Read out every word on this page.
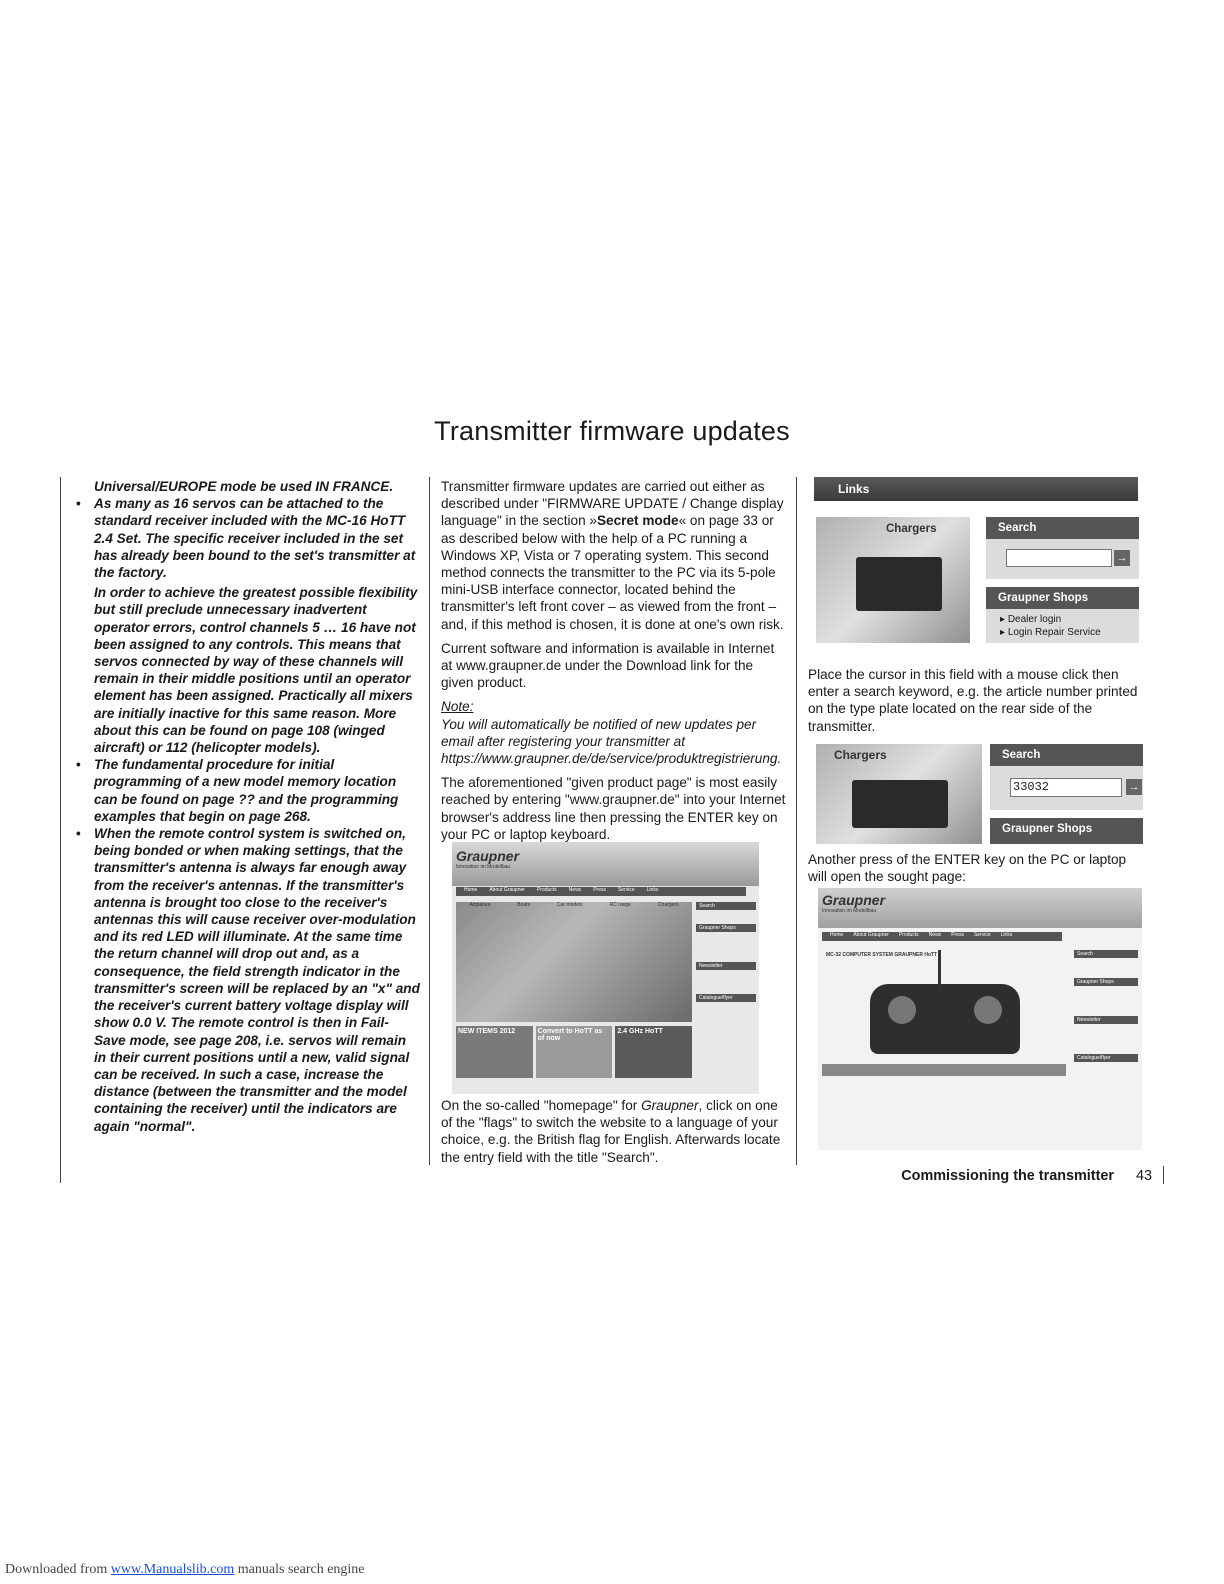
Transmitter firmware updates

Universal/EUROPE mode be used IN FRANCE.

• As many as 16 servos can be attached to the standard receiver included with the MC-16 HoTT 2.4 Set. The specific receiver included in the set has already been bound to the set's transmitter at the factory.
In order to achieve the greatest possible flexibility but still preclude unnecessary inadvertent operator errors, control channels 5 … 16 have not been assigned to any controls. This means that servos connected by way of these channels will remain in their middle positions until an operator element has been assigned. Practically all mixers are initially inactive for this same reason. More about this can be found on page 108 (winged aircraft) or 112 (helicopter models).
• The fundamental procedure for initial programming of a new model memory location can be found on page ?? and the programming examples that begin on page 268.
• When the remote control system is switched on, being bonded or when making settings, that the transmitter's antenna is always far enough away from the receiver's antennas. If the transmitter's antenna is brought too close to the receiver's antennas this will cause receiver over-modulation and its red LED will illuminate. At the same time the return channel will drop out and, as a consequence, the field strength indicator in the transmitter's screen will be replaced by an "x" and the receiver's current battery voltage display will show 0.0 V. The remote control is then in Fail-Save mode, see page 208, i.e. servos will remain in their current positions until a new, valid signal can be received. In such a case, increase the distance (between the transmitter and the model containing the receiver) until the indicators are again "normal".

Transmitter firmware updates are carried out either as described under "FIRMWARE UPDATE / Change display language" in the section »Secret mode« on page 33 or as described below with the help of a PC running a Windows XP, Vista or 7 operating system. This second method connects the transmitter to the PC via its 5-pole mini-USB interface connector, located behind the transmitter's left front cover – as viewed from the front – and, if this method is chosen, it is done at one's own risk.

Current software and information is available in Internet at www.graupner.de under the Download link for the given product.

Note:

You will automatically be notified of new updates per email after registering your transmitter at https://www.graupner.de/de/service/produktregistrierung.

The aforementioned "given product page" is most easily reached by entering "www.graupner.de" into your Internet browser's address line then pressing the ENTER key on your PC or laptop keyboard.

Graupner
Innovation im Modellbau
Home About Graupner Products News Press Service Links
Airplanes	Boats	Car models	RC range	Chargers
NEW ITEMS 2012	Convert to HoTT as of now
2.4 GHz HoTT
Search
Graupner Shops
Newsletter
Catalogue/flyer

On the so-called "homepage" for Graupner, click on one of the "flags" to switch the website to a language of your choice, e.g. the British flag for English. Afterwards locate the entry field with the title "Search".

Links
Chargers	Search
→
Graupner Shops
▸ Dealer login
▸ Login Repair Service

Place the cursor in this field with a mouse click then enter a search keyword, e.g. the article number printed on the type plate located on the rear side of the transmitter.

Chargers	Search
33032	→
Graupner Shops

Another press of the ENTER key on the PC or laptop will open the sought page:

Graupner
Innovation im Modellbau
Home About Graupner Products News Press Service Links
MC-32 COMPUTER SYSTEM GRAUPNER HoTT	Search
Graupner Shops
Newsletter
Catalogue/flyer
Commissioning the transmitter 43
Downloaded from www.Manualslib.com manuals search engine
